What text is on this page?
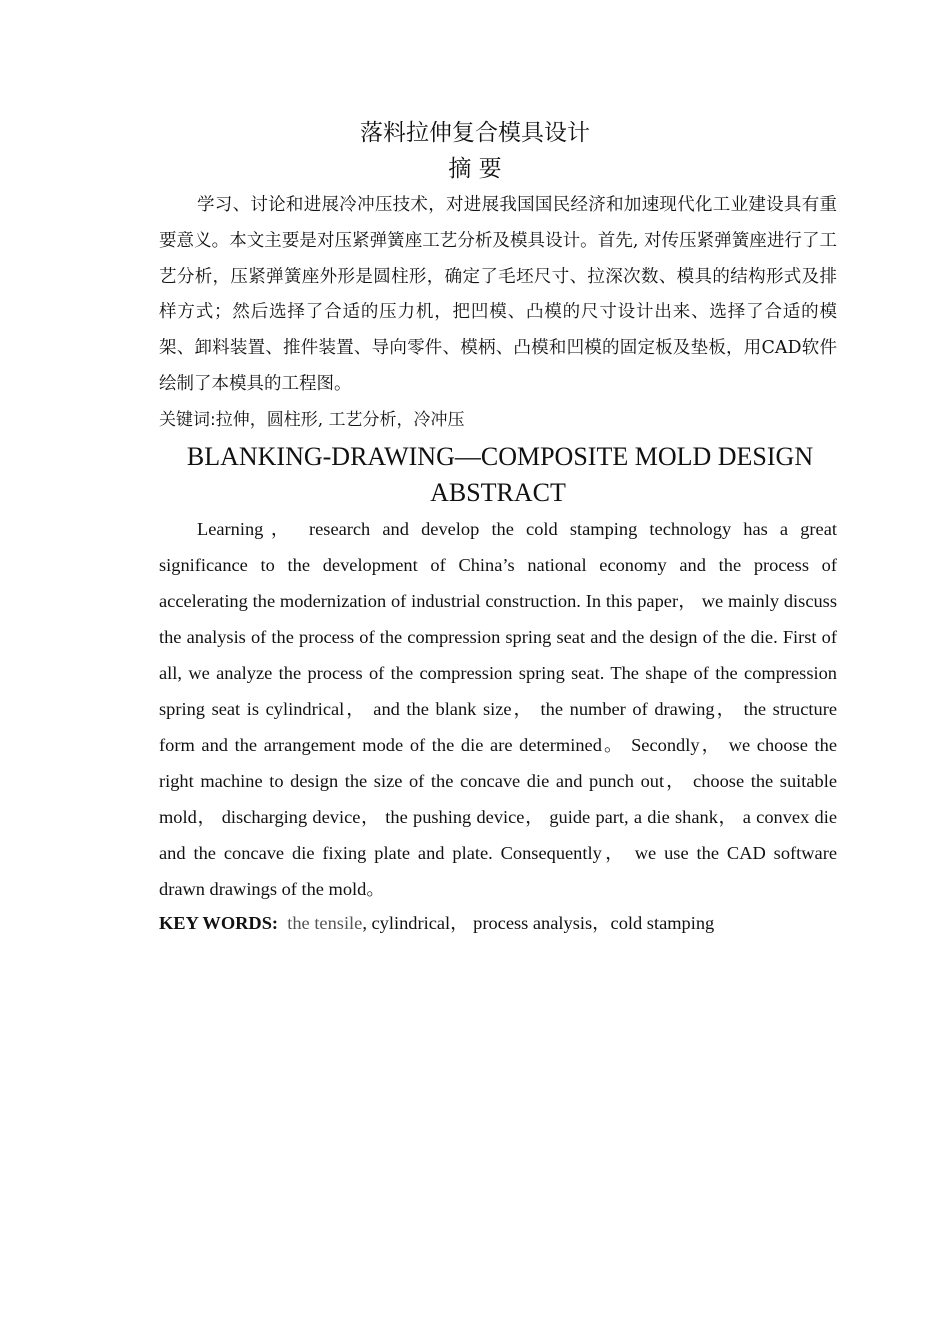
落料拉伸复合模具设计
摘 要

学习、讨论和进展冷冲压技术，对进展我国国民经济和加速现代化工业建设具有重要意义。本文主要是对压紧弹簧座工艺分析及模具设计。首先, 对传压紧弹簧座进行了工艺分析，压紧弹簧座外形是圆柱形，确定了毛坯尺寸、拉深次数、模具的结构形式及排样方式；然后选择了合适的压力机，把凹模、凸模的尺寸设计出来、选择了合适的模架、卸料装置、推件装置、导向零件、模柄、凸模和凹模的固定板及垫板，用CAD软件绘制了本模具的工程图。

关键词:拉伸，圆柱形, 工艺分析，冷冲压

BLANKING-DRAWING—COMPOSITE MOLD DESIGN
ABSTRACT

Learning， research and develop the cold stamping technology has a great significance to the development of China’s national economy and the process of accelerating the modernization of industrial construction. In this paper， we mainly discuss the analysis of the process of the compression spring seat and the design of the die. First of all, we analyze the process of the compression spring seat. The shape of the compression spring seat is cylindrical， and the blank size， the number of drawing， the structure form and the arrangement mode of the die are determined。 Secondly， we choose the right machine to design the size of the concave die and punch out， choose the suitable mold， discharging device， the pushing device， guide part, a die shank， a convex die and the concave die fixing plate and plate. Consequently， we use the CAD software drawn drawings of the mold。

KEY WORDS: the tensile, cylindrical， process analysis，cold stamping
